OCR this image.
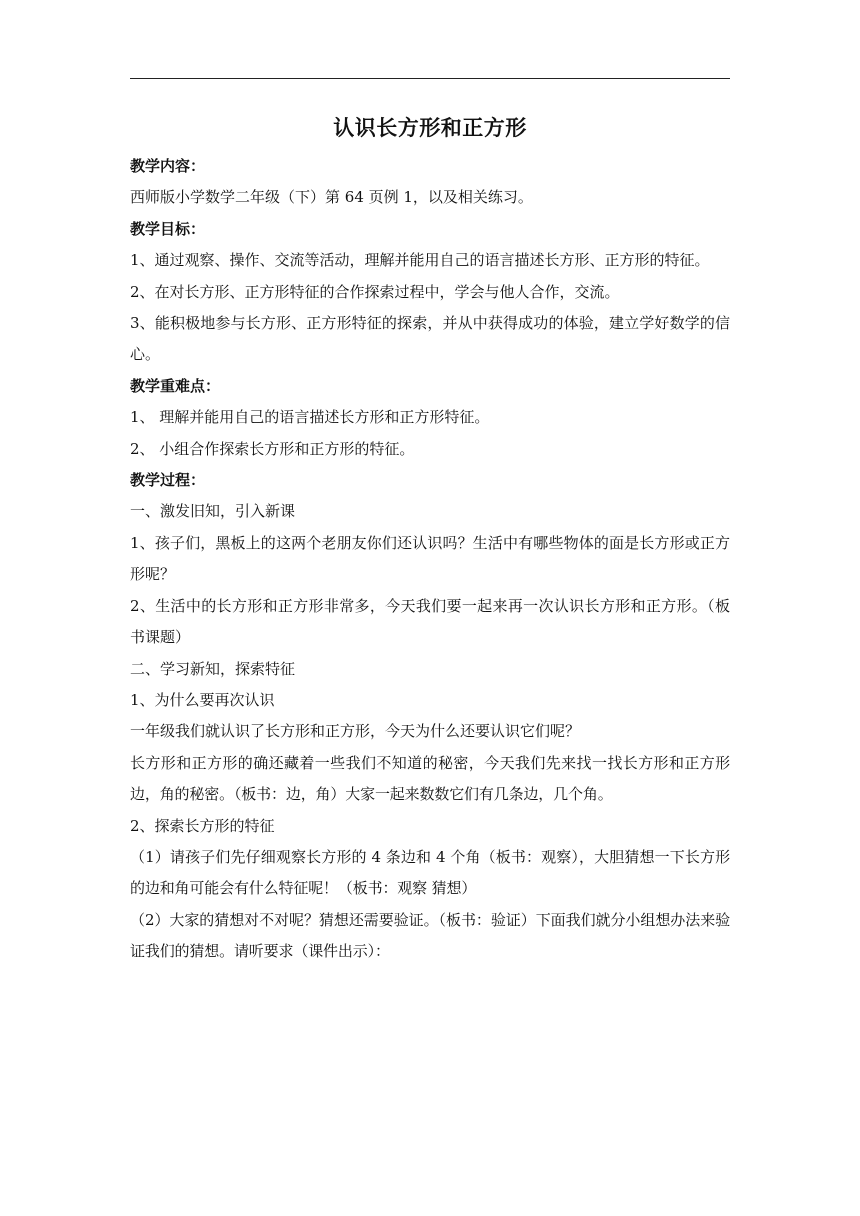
认识长方形和正方形

教学内容：

西师版小学数学二年级（下）第 64 页例 1，以及相关练习。

教学目标：

1、通过观察、操作、交流等活动，理解并能用自己的语言描述长方形、正方形的特征。

2、在对长方形、正方形特征的合作探索过程中，学会与他人合作，交流。

3、能积极地参与长方形、正方形特征的探索，并从中获得成功的体验，建立学好数学的信心。

教学重难点：

1、 理解并能用自己的语言描述长方形和正方形特征。

2、 小组合作探索长方形和正方形的特征。

教学过程：

一、激发旧知，引入新课

1、孩子们，黑板上的这两个老朋友你们还认识吗？生活中有哪些物体的面是长方形或正方形呢？

2、生活中的长方形和正方形非常多，今天我们要一起来再一次认识长方形和正方形。（板书课题）

二、学习新知，探索特征

1、为什么要再次认识

一年级我们就认识了长方形和正方形，今天为什么还要认识它们呢？

长方形和正方形的确还藏着一些我们不知道的秘密，今天我们先来找一找长方形和正方形边，角的秘密。（板书：边，角）大家一起来数数它们有几条边，几个角。

2、探索长方形的特征

（1）请孩子们先仔细观察长方形的 4 条边和 4 个角（板书：观察），大胆猜想一下长方形的边和角可能会有什么特征呢！（板书：观察 猜想）

（2）大家的猜想对不对呢？猜想还需要验证。（板书：验证）下面我们就分小组想办法来验证我们的猜想。请听要求（课件出示）：
